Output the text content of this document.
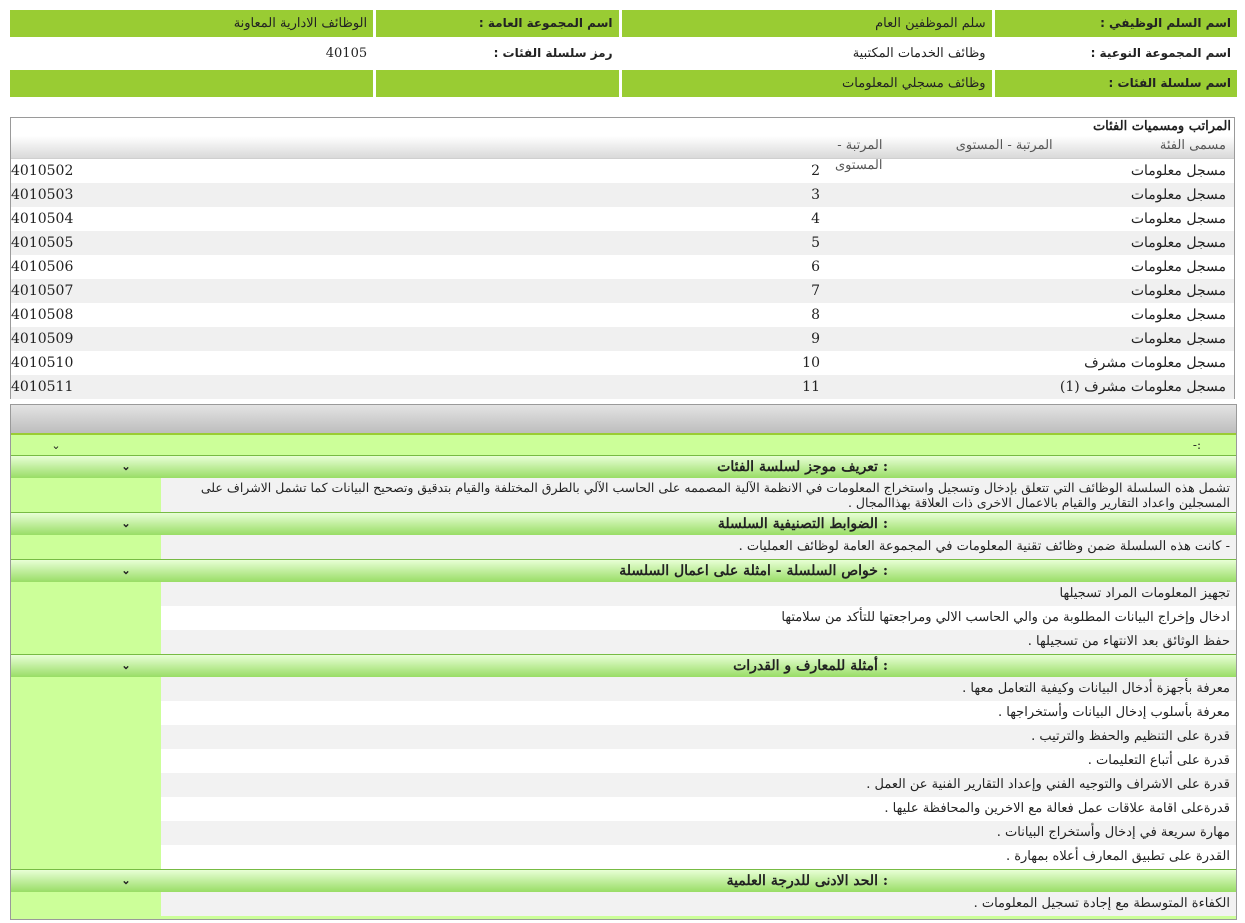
اسم السلم الوظيفي :
سلم الموظفين العام
اسم المجموعة العامة :
الوظائف الادارية المعاونة
اسم المجموعة النوعية :
وظائف الخدمات المكتبية
رمز سلسلة الفئات :
40105
اسم سلسلة الفئات :
وظائف مسجلي المعلومات
المراتب ومسميات الفئات
مسمى الفئة
المرتبة - المستوى
المرتبة - المستوى	مسجل معلومات
2
4010502
مسجل معلومات
3
4010503
مسجل معلومات
4
4010504
مسجل معلومات
5
4010505
مسجل معلومات
6
4010506
مسجل معلومات
7
4010507
مسجل معلومات
8
4010508
مسجل معلومات
9
4010509
مسجل معلومات مشرف
10
4010510
مسجل معلومات مشرف (1)
11
4010511
⌄	:-
: تعريف موجز لسلسة الفئات
⌄
تشمل هذه السلسلة الوظائف التي تتعلق بإدخال وتسجيل واستخراج المعلومات في الانظمة الآلية المصممه على الحاسب الآلي بالطرق المختلفة والقيام بتدقيق وتصحيح البيانات كما تشمل الاشراف على المسجلين واعداد التقارير والقيام بالاعمال الاخرى ذات العلاقة بهذاالمجال .
: الضوابط التصنيفية السلسلة
⌄
- كانت هذه السلسلة ضمن وظائف تقنية المعلومات في المجموعة العامة لوظائف العمليات .
: خواص السلسلة - امثلة على اعمال السلسلة
⌄
تجهيز المعلومات المراد تسجيلها
ادخال وإخراج البيانات المطلوبة من والي الحاسب الالي ومراجعتها للتأكد من سلامتها
حفظ الوثائق بعد الانتهاء من تسجيلها .
: أمثلة للمعارف و القدرات
⌄
معرفة بأجهزة أدخال البيانات وكيفية التعامل معها .
معرفة بأسلوب إدخال البيانات وأستخراجها .
قدرة على التنظيم والحفظ والترتيب .
قدرة على أتباع التعليمات .
قدرة على الاشراف والتوجيه الفني وإعداد التقارير الفنية عن العمل .
قدرةعلى اقامة علاقات عمل فعالة مع الاخرين والمحافظة عليها .
مهارة سريعة في إدخال وأستخراج البيانات .
القدرة على تطبيق المعارف أعلاه بمهارة .
: الحد الادنى للدرجة العلمية
⌄
الكفاءة المتوسطة مع إجادة تسجيل المعلومات .
